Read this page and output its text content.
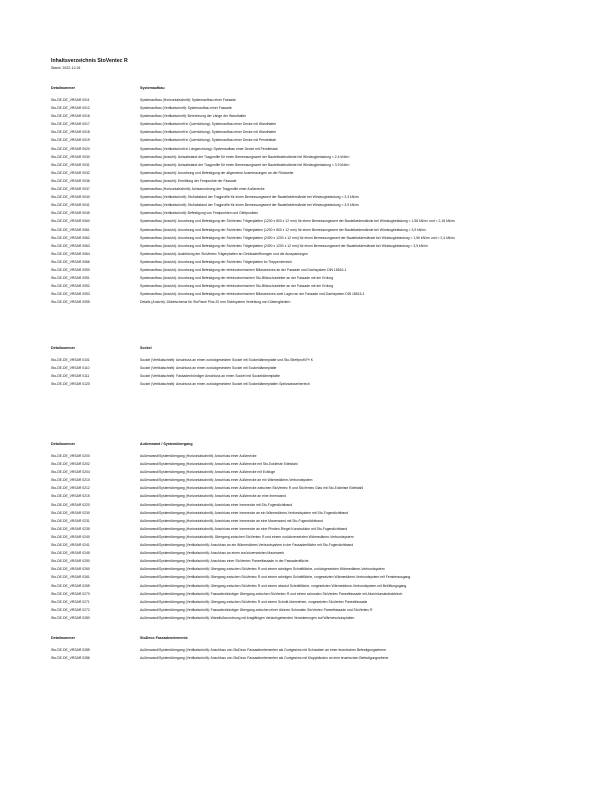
Inhaltsverzeichnis StoVentec R
Stand: 2022-12-01
Detailnummer	Systemaufbau
Sto-DE-DE_VRSAR 0011	Systemaufbau (Horizontalschnitt): Systemaufbau einer Fassade
Sto-DE-DE_VRSAR 0012	Systemaufbau (Vertikalschnitt): Systemaufbau einer Fassade
Sto-DE-DE_VRSAR 0016	Systemaufbau (Vertikalschnitt): Berechnung der Länge der Wandhalter
Sto-DE-DE_VRSAR 0017	Systemaufbau (Vertikalschnitt in Querrichtung): Systemaufbau einer Decke mit Wandhalter
Sto-DE-DE_VRSAR 0018	Systemaufbau (Vertikalschnitt in Querrichtung): Systemaufbau einer Decke mit Wandhalter
Sto-DE-DE_VRSAR 0019	Systemaufbau (Vertikalschnitt in Querrichtung): Systemaufbau einer Decke mit Pendelstab
Sto-DE-DE_VRSAR 0020	Systemaufbau (Vertikalschnitt in Längsrichtung): Systemaufbau einer Decke mit Pendelstab
Sto-DE-DE_VRSAR 0030	Systemaufbau (Ansicht): Achsabstand der Tragprofile für einen Bemessungswert der Bauteilwiderstände bei Windsogbelastung < 2,4 kN/m²
Sto-DE-DE_VRSAR 0031	Systemaufbau (Ansicht): Achsabstand der Tragprofile für einen Bemessungswert der Bauteilwiderstände bei Windsogbelastung < 3,9 kN/m²
Sto-DE-DE_VRSAR 0032	Systemaufbau (Ansicht): Anordnung und Befestigung der allgemeine Ausmessungen an der Rückseite
Sto-DE-DE_VRSAR 0036	Systemaufbau (Ansicht): Ermittlung der Festpunkte der Fassade
Sto-DE-DE_VRSAR 0037	Systemaufbau (Horizontalschnitt): Achsanordnung der Tragprofile einer Außenecke
Sto-DE-DE_VRSAR 0040	Systemaufbau (Vertikalschnitt): Stoßabstand der Tragprofile für einen Bemessungswert der Bauteilwiderstände bei Windsogbelastung < 3,3 kN/m²
Sto-DE-DE_VRSAR 0041	Systemaufbau (Vertikalschnitt): Stoßabstand der Tragprofile für einen Bemessungswert der Bauteilwiderstände bei Windsogbelastung < 3,9 kN/m²
Sto-DE-DE_VRSAR 0045	Systemaufbau (Vertikalschnitt): Befestigung von Festpunkten und Gleitpunkten
Sto-DE-DE_VRSAR 0060	Systemaufbau (Ansicht): Anordnung und Befestigung der StoVentec Trägerplatten (1200 x 800 x 12 mm) für einen Bemessungswert der Bauteilwiderstände bei Windsogbelastung < 1,56 kN/m² und < 2,16 kN/m²
Sto-DE-DE_VRSAR 0061	Systemaufbau (Ansicht): Anordnung und Befestigung der StoVentec Trägerplatten (1200 x 800 x 12 mm) für einen Bemessungswert der Bauteilwiderstände bei Windsogbelastung < 3,9 kN/m²
Sto-DE-DE_VRSAR 0062	Systemaufbau (Ansicht): Anordnung und Befestigung der StoVentec Trägerplatten (2400 x 1200 x 12 mm) für einen Bemessungswert der Bauteilwiderstände bei Windsogbelastung < 1,56 kN/m² und < 2,4 kN/m²
Sto-DE-DE_VRSAR 0063	Systemaufbau (Ansicht): Anordnung und Befestigung der StoVentec Trägerplatten (2400 x 1200 x 12 mm) für einen Bemessungswert der Bauteilwiderstände bei Windsogbelastung < 3,9 kN/m²
Sto-DE-DE_VRSAR 0064	Systemaufbau (Ansicht): Ausbildung der StoVentec Trägerplatten an Gebäudeöffnungen und die Ausspartungen
Sto-DE-DE_VRSAR 0066	Systemaufbau (Ansicht): Anordnung und Befestigung der StoVentec Trägerplatten im Treppenbereich
Sto-DE-DE_VRSAR 0090	Systemaufbau (Ansicht): Anordnung und Befestigung der elektrochemischen Blitzschutzes an der Fassade und Dachsystem DIN 18516-1
Sto-DE-DE_VRSAR 0091	Systemaufbau (Ansicht): Anordnung und Befestigung der elektrochemischen Sto-Blitzschutzleiter an der Fassade mit der Erdung
Sto-DE-DE_VRSAR 0092	Systemaufbau (Ansicht): Anordnung und Befestigung der elektrochemischen Sto-Blitzschutzleiter an der Fassade mit der Erdung
Sto-DE-DE_VRSAR 0093	Systemaufbau (Ansicht): Anordnung und Befestigung der elektrochemischen Blitzschutzes zwei Lagen an der Fassade und Dachsystem DIN 18516-1
Sto-DE-DE_VRSAR 0095	Details (Ansicht): Dübelschema für StoPanel Plus 20 mm Sichtsystem Verteilung von Dübengliedern
Detailnummer	Sockel
Sto-DE-DE_VRSAR 0101	Sockel (Vertikalschnitt): Anschluss an einen zurückgesetzten Sockel mit Sockeldämmplatte und Sto-Streifprofil Pr K
Sto-DE-DE_VRSAR 0110	Sockel (Vertikalschnitt): Anschluss an einen zurückgesetzten Sockel mit Sockeldämmplatte
Sto-DE-DE_VRSAR 0111	Sockel (Vertikalschnitt): Fassadenbündiger Anschluss an einen Sockel mit Sockeldämmplatte
Sto-DE-DE_VRSAR 0120	Sockel (Vertikalschnitt): Anschluss an einen zurückgesetzten Sockel mit Sockeldämmplatten Spritzwasserbereich
Detailnummer	Außenwand / Systemübergang
Sto-DE-DE_VRSAR 0200	Außenwand/Systemübergang (Horizontalschnitt): Anschluss einer Außenecke
Sto-DE-DE_VRSAR 0202	Außenwand/Systemübergang (Horizontalschnitt): Anschluss einer Außenecke mit Sto-Eckleiste Edelstahl
Sto-DE-DE_VRSAR 0204	Außenwand/Systemübergang (Horizontalschnitt): Anschluss einer Außenecke mit Eckfuge
Sto-DE-DE_VRSAR 0210	Außenwand/Systemübergang (Horizontalschnitt): Anschluss einer Außenecke an ein Wärmedämm-Verbundsystem
Sto-DE-DE_VRSAR 0212	Außenwand/Systemübergang (Horizontalschnitt): Anschluss einer Außenecke zwischen StoVentec R und StoVentec Glas mit Sto-Eckleiste Edelstahl
Sto-DE-DE_VRSAR 0215	Außenwand/Systemübergang (Horizontalschnitt): Anschluss einer Außenecke an eine Innenwand
Sto-DE-DE_VRSAR 0220	Außenwand/Systemübergang (Horizontalschnitt): Anschluss einer Innenecke mit Sto-Fugendichtband
Sto-DE-DE_VRSAR 0230	Außenwand/Systemübergang (Horizontalschnitt): Anschluss einer Innenecke an ein Wärmedämm-Verbundsystem mit Sto-Fugendichtband
Sto-DE-DE_VRSAR 0231	Außenwand/Systemübergang (Horizontalschnitt): Anschluss einer Innenecke an eine Mauerwand mit Sto-Fugendichtband
Sto-DE-DE_VRSAR 0235	Außenwand/Systemübergang (Horizontalschnitt): Anschluss einer Innenecke an eine Pfosten-Riegel Konstruktion mit Sto-Fugendichtband
Sto-DE-DE_VRSAR 0240	Außenwand/Systemübergang (Horizontalschnitt): Übergang zwischen StoVentec R und einem zurückversetzten Wärmedämm-Verbundsystem
Sto-DE-DE_VRSAR 0241	Außenwand/Systemübergang (Vertikalschnitt): Anschluss an ein Wärmedämm-Verbundsystem in der Fassadenfläche mit Sto-Fugendichtband
Sto-DE-DE_VRSAR 0245	Außenwand/Systemübergang (Vertikalschnitt): Anschluss an einen zurückversetzten Mauerwerk
Sto-DE-DE_VRSAR 0250	Außenwand/Systemübergang (Vertikalschnitt): Anschluss einer StoVentec Paneelfassade in der Fassadenfläche
Sto-DE-DE_VRSAR 0260	Außenwand/Systemübergang (Vertikalschnitt): Übergang zwischen StoVentec R und einem schrägen Schnittfläche, zurückgesetzten Wärmedämm-Verbundsystem
Sto-DE-DE_VRSAR 0261	Außenwand/Systemübergang (Vertikalschnitt): Übergang zwischen StoVentec R und einem schrägen Schnittfläche, vorgesetzten Wärmedämm-Verbundsystem mit Fensterausgang
Sto-DE-DE_VRSAR 0265	Außenwand/Systemübergang (Vertikalschnitt): Übergang zwischen StoVentec R und einem absolut Schnittfläche, vorgesetzten Wärmedämm-Verbundsystem mit Belüftungsgang
Sto-DE-DE_VRSAR 0270	Außenwand/Systemübergang (Vertikalschnitt): Fassadenbündiger Übergang zwischen StoVentec R und einem schmalen StoVentec Paneelfassade mit Aluminiumabdeckblech
Sto-DE-DE_VRSAR 0271	Außenwand/Systemübergang (Vertikalschnitt): Übergang zwischen StoVentec R und einem Schnitt überstehen, vorgesetzten StoVentec Paneelfassade
Sto-DE-DE_VRSAR 0272	Außenwand/Systemübergang (Vertikalschnitt): Fassadenbündiger Übergang zwischen einer dünnen Schmalen StoVentec Paneelfassade und StoVentec R
Sto-DE-DE_VRSAR 0280	Außenwand/Systemübergang (Vertikalschnitt): Wandfußanordnung mit kragfähigen Verlaufsgebenden Verankerungen auf Wärmeschutzplatten
Detailnummer	StoDeco Fassadenelemente
Sto-DE-DE_VRSAR 0285	Außenwand/Systemübergang (Vertikalschnitt): Anschluss von StoDeco Fassadenelementen als Gurtgesims mit Schrauben an einer teuerischen Befestigungsebene
Sto-DE-DE_VRSAR 0286	Außenwand/Systemübergang (Vertikalschnitt): Anschluss von StoDeco Fassadenelementen als Gurtgesims mit Klappbänden an eine teuerischen Befestigungsebene
